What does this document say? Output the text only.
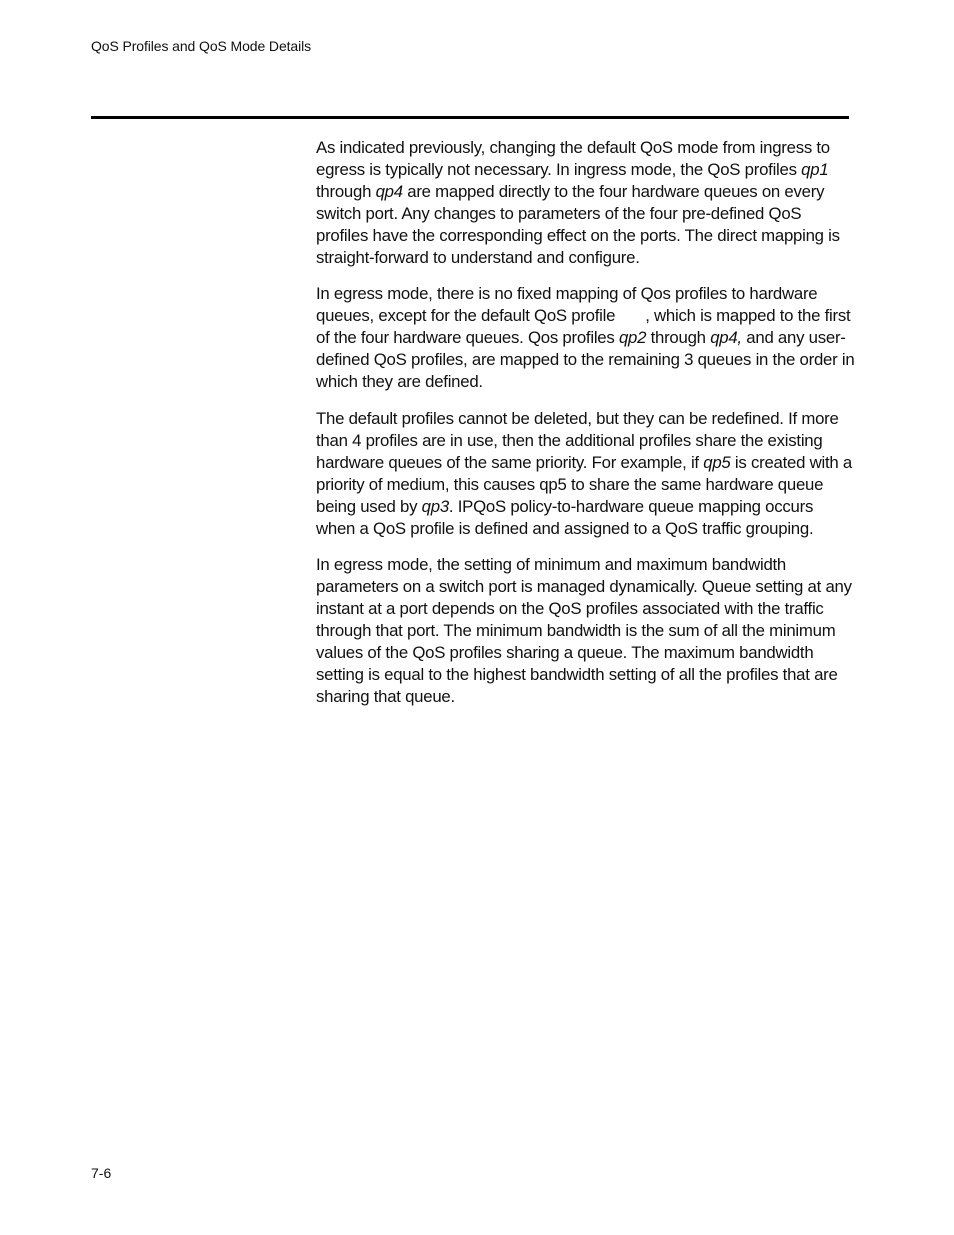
QoS Profiles and QoS Mode Details

As indicated previously, changing the default QoS mode from ingress to egress is typically not necessary. In ingress mode, the QoS profiles qp1 through qp4 are mapped directly to the four hardware queues on every switch port. Any changes to parameters of the four pre-defined QoS profiles have the corresponding effect on the ports. The direct mapping is straight-forward to understand and configure.

In egress mode, there is no fixed mapping of Qos profiles to hardware queues, except for the default QoS profile , which is mapped to the first of the four hardware queues. Qos profiles qp2 through qp4, and any user-defined QoS profiles, are mapped to the remaining 3 queues in the order in which they are defined.

The default profiles cannot be deleted, but they can be redefined. If more than 4 profiles are in use, then the additional profiles share the existing hardware queues of the same priority. For example, if qp5 is created with a priority of medium, this causes qp5 to share the same hardware queue being used by qp3. IPQoS policy-to-hardware queue mapping occurs when a QoS profile is defined and assigned to a QoS traffic grouping.

In egress mode, the setting of minimum and maximum bandwidth parameters on a switch port is managed dynamically. Queue setting at any instant at a port depends on the QoS profiles associated with the traffic through that port. The minimum bandwidth is the sum of all the minimum values of the QoS profiles sharing a queue. The maximum bandwidth setting is equal to the highest bandwidth setting of all the profiles that are sharing that queue.

7-6
